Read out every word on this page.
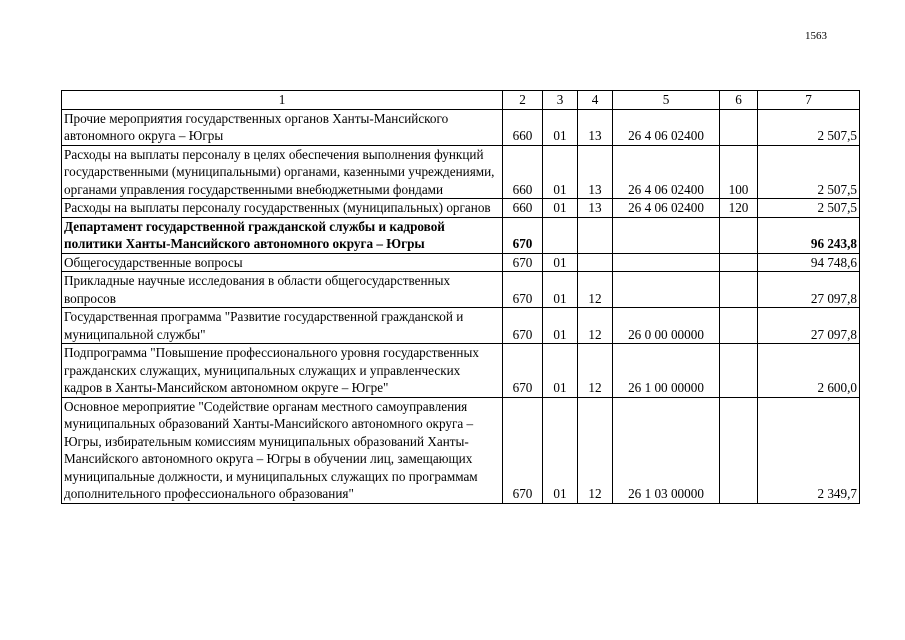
1563
1	2	3	4	5	6	7
Прочие мероприятия государственных органов Ханты-Мансийского автономного округа – Югры	660	01	13	26 4 06 02400		2 507,5
Расходы на выплаты персоналу в целях обеспечения выполнения функций государственными (муниципальными) органами, казенными учреждениями, органами управления государственными внебюджетными фондами	660	01	13	26 4 06 02400	100	2 507,5
Расходы на выплаты персоналу государственных (муниципальных) органов	660	01	13	26 4 06 02400	120	2 507,5
Департамент государственной гражданской службы и кадровой политики Ханты-Мансийского автономного округа – Югры	670					96 243,8
Общегосударственные вопросы	670	01				94 748,6
Прикладные научные исследования в области общегосударственных вопросов	670	01	12			27 097,8
Государственная программа "Развитие государственной гражданской и муниципальной службы"	670	01	12	26 0 00 00000		27 097,8
Подпрограмма "Повышение профессионального уровня государственных гражданских служащих, муниципальных служащих и управленческих кадров в Ханты-Мансийском автономном округе – Югре"	670	01	12	26 1 00 00000		2 600,0
Основное мероприятие "Содействие органам местного самоуправления муниципальных образований Ханты-Мансийского автономного округа – Югры, избирательным комиссиям муниципальных образований Ханты-Мансийского автономного округа – Югры в обучении лиц, замещающих муниципальные должности, и муниципальных служащих по программам дополнительного профессионального образования"	670	01	12	26 1 03 00000		2 349,7
